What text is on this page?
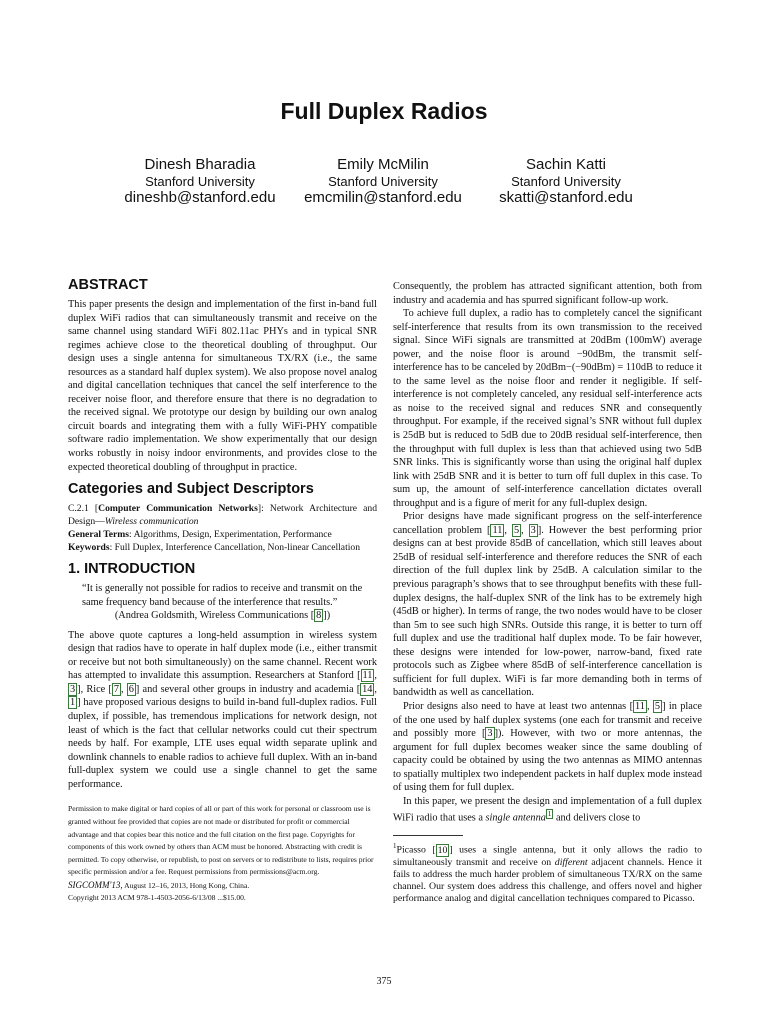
Full Duplex Radios
Dinesh Bharadia
Stanford University
dineshb@stanford.edu
Emily McMilin
Stanford University
emcmilin@stanford.edu
Sachin Katti
Stanford University
skatti@stanford.edu
ABSTRACT

This paper presents the design and implementation of the first in-band full duplex WiFi radios that can simultaneously transmit and receive on the same channel using standard WiFi 802.11ac PHYs and in typical SNR regimes achieve close to the theoretical doubling of throughput. Our design uses a single antenna for simultaneous TX/RX (i.e., the same resources as a standard half duplex system). We also propose novel analog and digital cancellation techniques that cancel the self interference to the receiver noise floor, and therefore ensure that there is no degradation to the received signal. We prototype our design by building our own analog circuit boards and integrating them with a fully WiFi-PHY compatible software radio implementation. We show experimentally that our design works robustly in noisy indoor environments, and provides close to the expected theoretical doubling of throughput in practice.

Categories and Subject Descriptors

C.2.1 [Computer Communication Networks]: Network Architecture and Design—Wireless communication

General Terms: Algorithms, Design, Experimentation, Performance

Keywords: Full Duplex, Interference Cancellation, Non-linear Cancellation

1. INTRODUCTION
“It is generally not possible for radios to receive and transmit on the same frequency band because of the interference that results.”
(Andrea Goldsmith, Wireless Communications [ 8 ])

The above quote captures a long-held assumption in wireless system design that radios have to operate in half duplex mode (i.e., either transmit or receive but not both simultaneously) on the same channel. Recent work has attempted to invalidate this assumption. Researchers at Stanford [ 11 , 3 ], Rice [ 7 , 6 ] and several other groups in industry and academia [ 14 , 1 ] have proposed various designs to build in-band full-duplex radios. Full duplex, if possible, has tremendous implications for network design, not least of which is the fact that cellular networks could cut their spectrum needs by half. For example, LTE uses equal width separate uplink and downlink channels to enable radios to achieve full duplex. With an in-band full-duplex system we could use a single channel to get the same performance.

Permission to make digital or hard copies of all or part of this work for personal or classroom use is granted without fee provided that copies are not made or distributed for profit or commercial advantage and that copies bear this notice and the full citation on the first page. Copyrights for components of this work owned by others than ACM must be honored. Abstracting with credit is permitted. To copy otherwise, or republish, to post on servers or to redistribute to lists, requires prior specific permission and/or a fee. Request permissions from permissions@acm.org.
SIGCOMM'13, August 12–16, 2013, Hong Kong, China.
Copyright 2013 ACM 978-1-4503-2056-6/13/08 ...$15.00.

Consequently, the problem has attracted significant attention, both from industry and academia and has spurred significant follow-up work.

To achieve full duplex, a radio has to completely cancel the significant self-interference that results from its own transmission to the received signal. Since WiFi signals are transmitted at 20dBm (100mW) average power, and the noise floor is around −90dBm, the transmit self-interference has to be canceled by 20dBm−(−90dBm) = 110dB to reduce it to the same level as the noise floor and render it negligible. If self-interference is not completely canceled, any residual self-interference acts as noise to the received signal and reduces SNR and consequently throughput. For example, if the received signal’s SNR without full duplex is 25dB but is reduced to 5dB due to 20dB residual self-interference, then the throughput with full duplex is less than that achieved using two 5dB SNR links. This is significantly worse than using the original half duplex link with 25dB SNR and it is better to turn off full duplex in this case. To sum up, the amount of self-interference cancellation dictates overall throughput and is a figure of merit for any full-duplex design.

Prior designs have made significant progress on the self-interference cancellation problem [ 11 , 5 , 3 ]. However the best performing prior designs can at best provide 85dB of cancellation, which still leaves about 25dB of residual self-interference and therefore reduces the SNR of each direction of the full duplex link by 25dB. A calculation similar to the previous paragraph’s shows that to see throughput benefits with these full-duplex designs, the half-duplex SNR of the link has to be extremely high (45dB or higher). In terms of range, the two nodes would have to be closer than 5m to see such high SNRs. Outside this range, it is better to turn off full duplex and use the traditional half duplex mode. To be fair however, these designs were intended for low-power, narrow-band, fixed rate protocols such as Zigbee where 85dB of self-interference cancellation is sufficient for full duplex. WiFi is far more demanding both in terms of bandwidth as well as cancellation.

Prior designs also need to have at least two antennas [ 11 , 5 ] in place of the one used by half duplex systems (one each for transmit and receive and possibly more [ 3 ]). However, with two or more antennas, the argument for full duplex becomes weaker since the same doubling of capacity could be obtained by using the two antennas as MIMO antennas to spatially multiplex two independent packets in half duplex mode instead of using them for full duplex.

In this paper, we present the design and implementation of a full duplex WiFi radio that uses a single antenna $^1$ and delivers close to

$^1$Picasso [ 10 ] uses a single antenna, but it only allows the radio to simultaneously transmit and receive on different adjacent channels. Hence it fails to address the much harder problem of simultaneous TX/RX on the same channel. Our system does address this challenge, and offers novel and higher performance analog and digital cancellation techniques compared to Picasso.

375
